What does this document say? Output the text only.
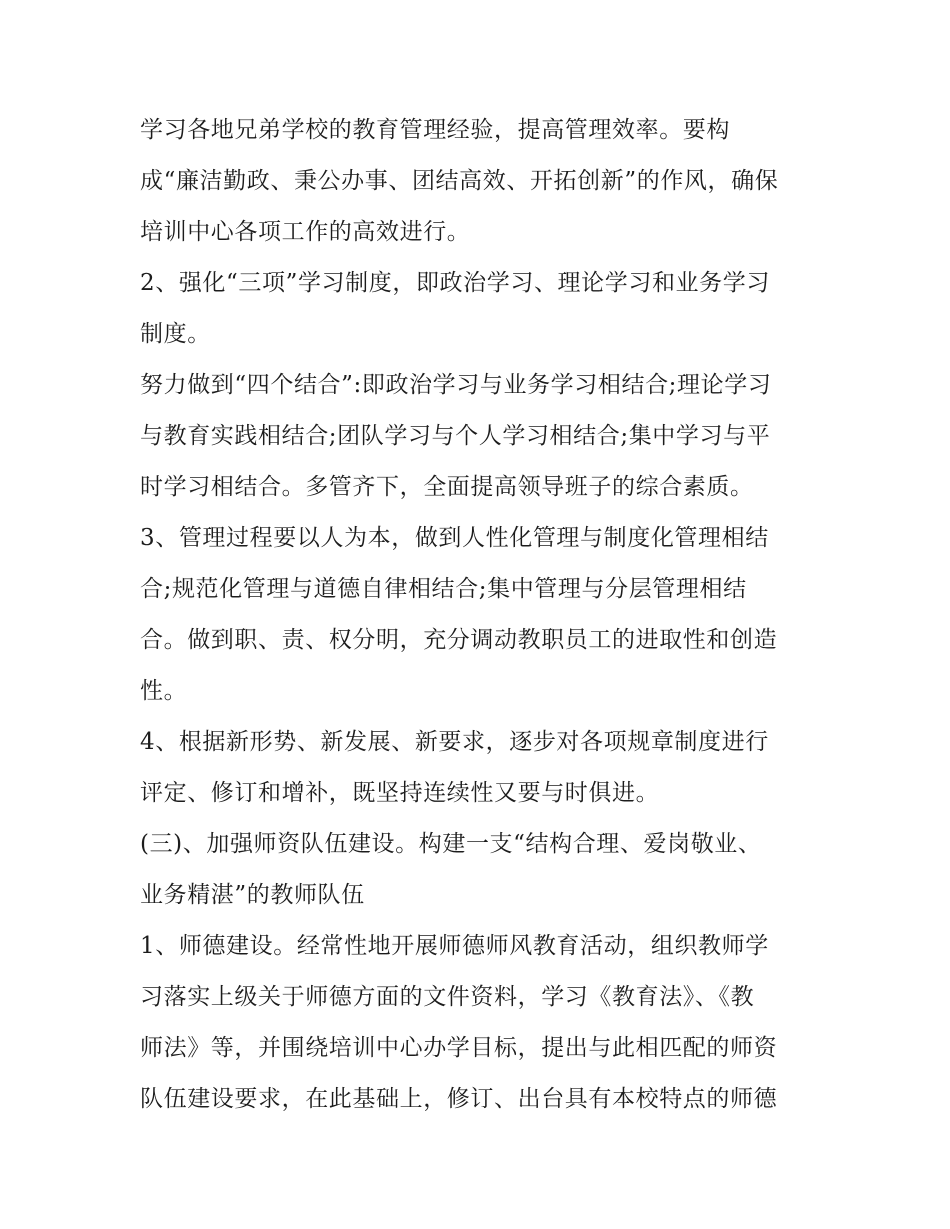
学习各地兄弟学校的教育管理经验，提高管理效率。要构
成“廉洁勤政、秉公办事、团结高效、开拓创新”的作风，确保
培训中心各项工作的高效进行。
2、强化“三项”学习制度，即政治学习、理论学习和业务学习
制度。
努力做到“四个结合”:即政治学习与业务学习相结合;理论学习
与教育实践相结合;团队学习与个人学习相结合;集中学习与平
时学习相结合。多管齐下，全面提高领导班子的综合素质。
3、管理过程要以人为本，做到人性化管理与制度化管理相结
合;规范化管理与道德自律相结合;集中管理与分层管理相结
合。做到职、责、权分明，充分调动教职员工的进取性和创造
性。
4、根据新形势、新发展、新要求，逐步对各项规章制度进行
评定、修订和增补，既坚持连续性又要与时俱进。
(三)、加强师资队伍建设。构建一支“结构合理、爱岗敬业、
业务精湛”的教师队伍
1、师德建设。经常性地开展师德师风教育活动，组织教师学
习落实上级关于师德方面的文件资料，学习《教育法》、《教
师法》等，并围绕培训中心办学目标，提出与此相匹配的师资
队伍建设要求，在此基础上，修订、出台具有本校特点的师德
